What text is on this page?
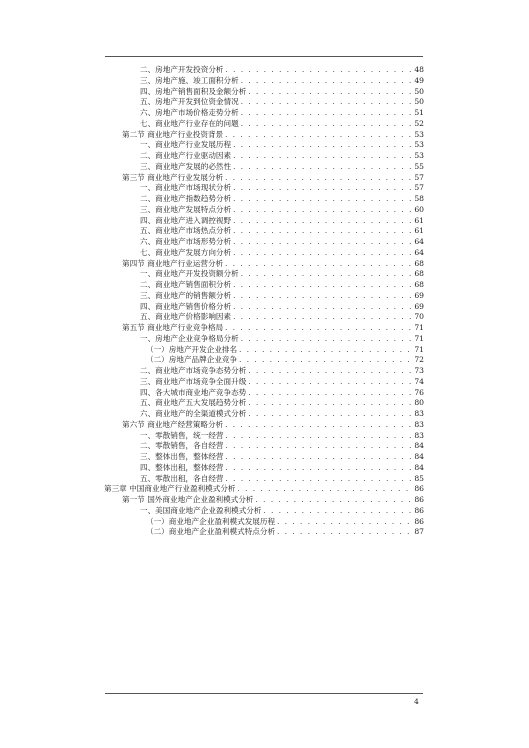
二、房地产开发投资分析 . . .	48
三、房地产施、竣工面积分析 . . .	49
四、房地产销售面积及金额分析 . . .	50
五、房地产开发到位资金情况 . . .	50
六、房地产市场价格走势分析 . . .	51
七、商业地产行业存在的问题 . . .	52
第二节 商业地产行业投资背景 . . .	53
一、商业地产行业发展历程 . . .	53
二、商业地产行业驱动因素 . . .	53
三、商业地产发展的必然性 . . .	55
第三节 商业地产行业发展分析 . . .	57
一、商业地产市场现状分析 . . .	57
二、商业地产指数趋势分析 . . .	58
三、商业地产发展特点分析 . . .	60
四、商业地产进入调控视野 . . .	61
五、商业地产市场热点分析 . . .	61
六、商业地产市场形势分析 . . .	64
七、商业地产发展方向分析 . . .	64
第四节 商业地产行业运营分析 . . .	68
一、商业地产开发投资额分析 . . .	68
二、商业地产销售面积分析 . . .	68
三、商业地产的销售额分析 . . .	69
四、商业地产销售价格分析 . . .	69
五、商业地产价格影响因素 . . .	70
第五节 商业地产行业竞争格局 . . .	71
一、房地产企业竞争格局分析 . . .	71
（一）房地产开发企业排名 . . .	71
（二）房地产品牌企业竞争 . . .	72
二、商业地产市场竞争态势分析 . . .	73
三、商业地产市场竞争全面升级 . . .	74
四、各大城市商业地产竞争态势 . . .	76
五、商业地产五大发展趋势分析 . . .	80
六、商业地产的全渠道模式分析 . . .	83
第六节 商业地产经营策略分析 . . .	83
一、零散销售，统一经营 . . .	83
二、零散销售，各自经营 . . .	84
三、整体出售，整体经营 . . .	84
四、整体出租，整体经营 . . .	84
五、零散出租，各自经营 . . .	85
第三章 中国商业地产行业盈利模式分析 . . .	86
第一节 国外商业地产企业盈利模式分析 . . .	86
一、美国商业地产企业盈利模式分析 . . .	86
（一）商业地产企业盈利模式发展历程 . . .	86
（二）商业地产企业盈利模式特点分析 . . .	87
4
